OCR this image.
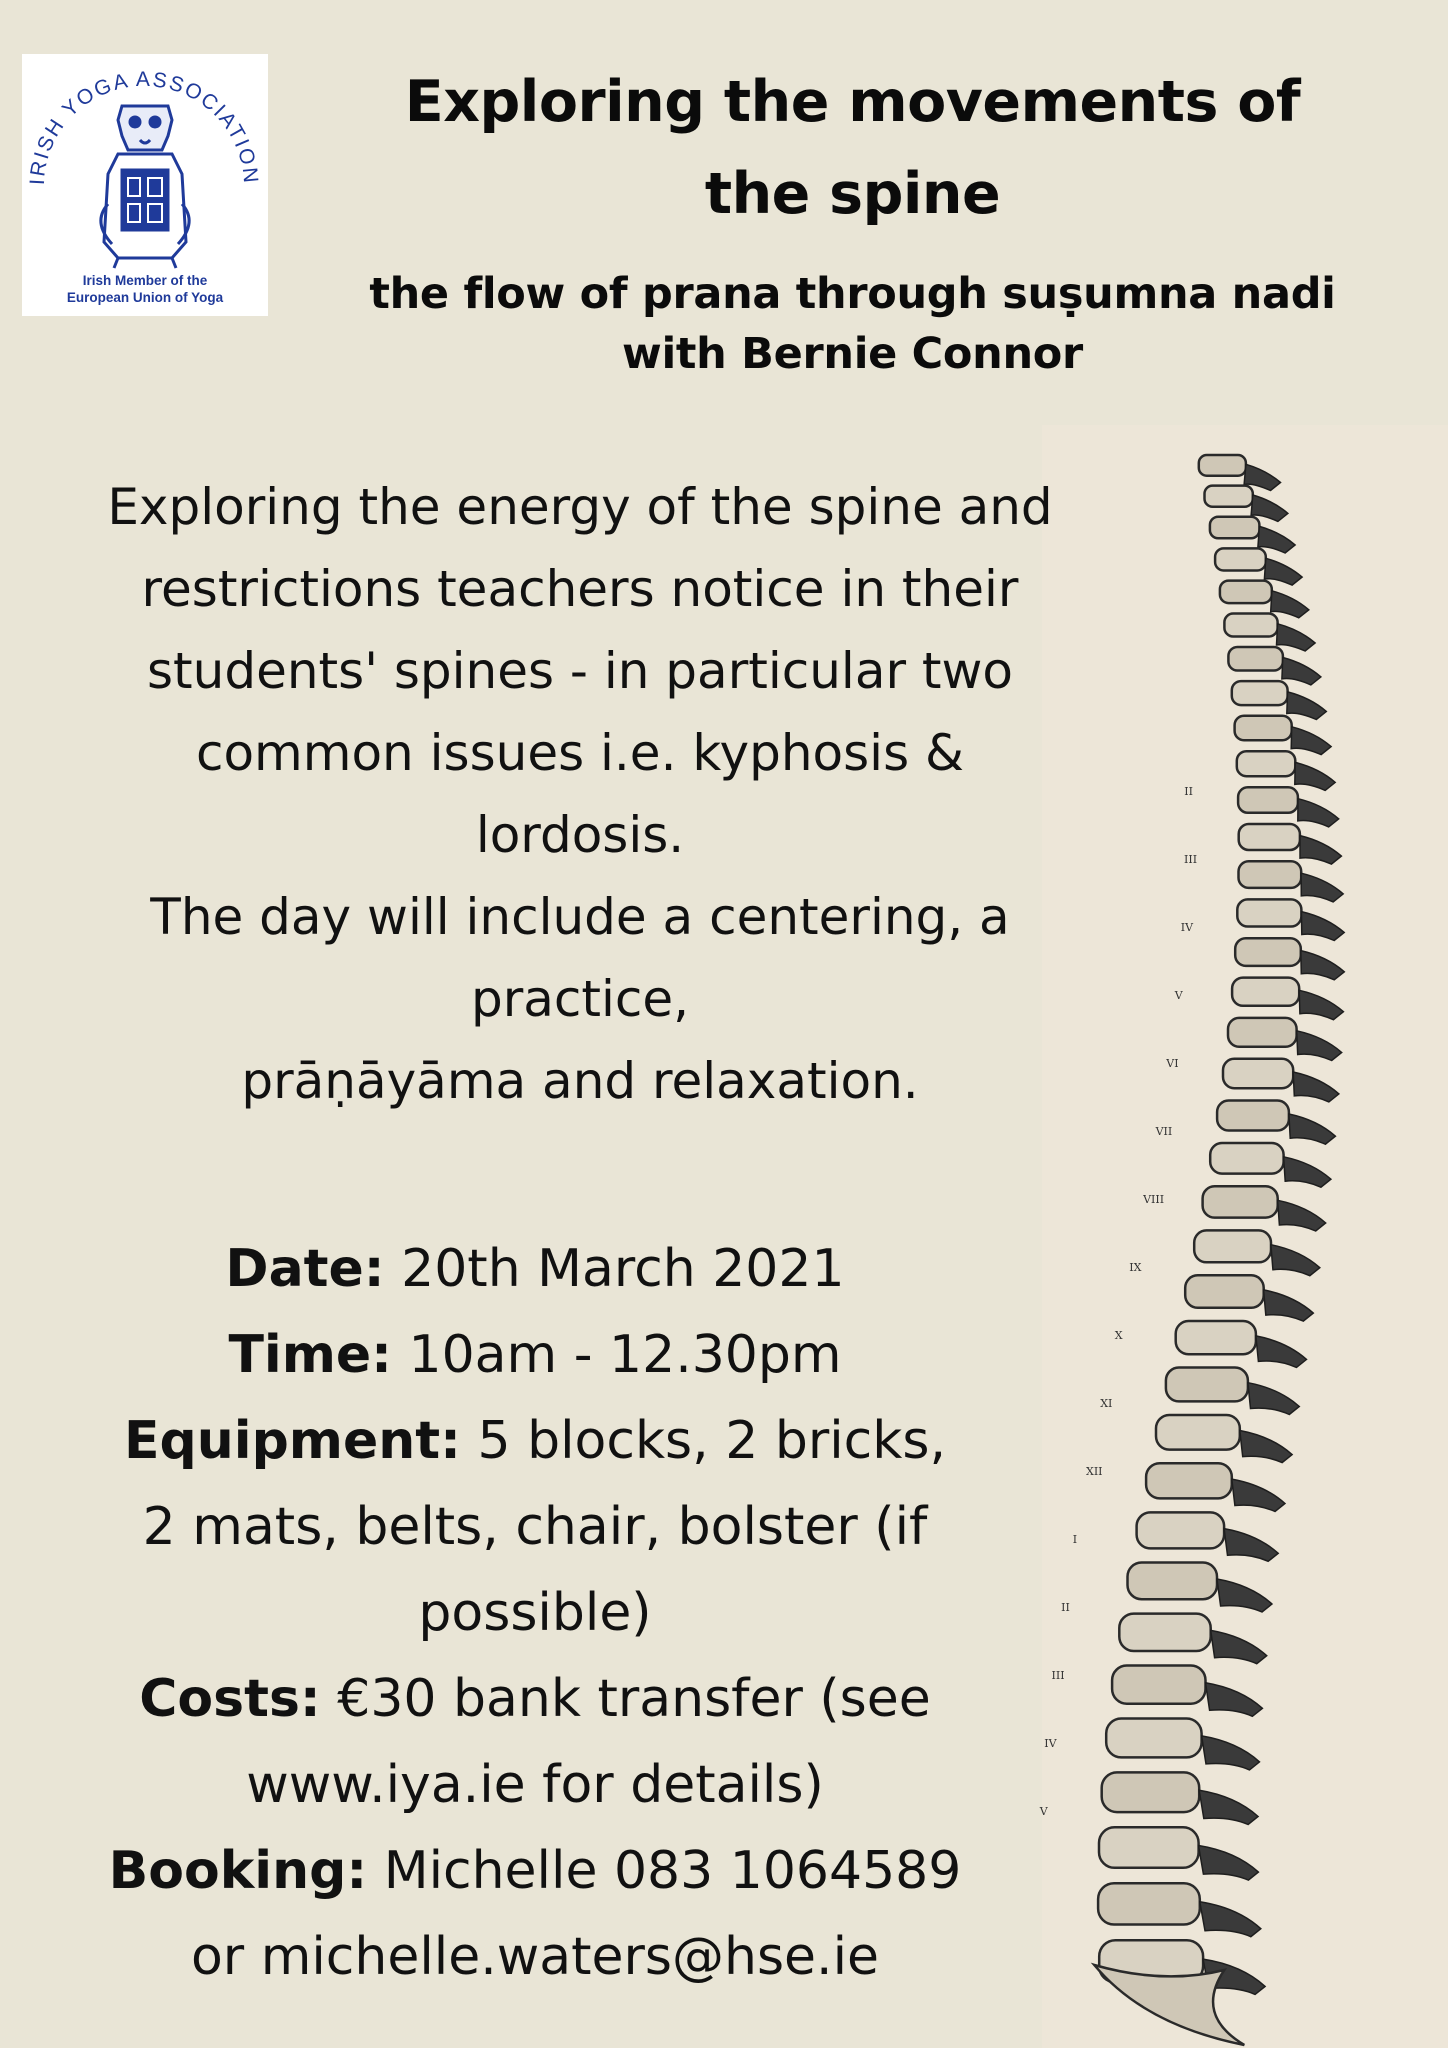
IRISH YOGA ASSOCIATION
Irish Member of the
European Union of Yoga
Exploring the movements of
the spine
the flow of prana through suṣumna nadi
with Bernie Connor
II
III
IV
V
VI
VII
VIII
IX
X
XI
XII
I
II
III
IV
V
Exploring the energy of the spine and
restrictions teachers notice in their
students' spines - in particular two
common issues i.e. kyphosis &
lordosis.
The day will include a centering, a
practice,
prāṇāyāma and relaxation.
Date: 20th March 2021
Time: 10am - 12.30pm
Equipment: 5 blocks, 2 bricks,
2 mats, belts, chair, bolster (if
possible)
Costs: €30 bank transfer (see
www.iya.ie for details)
Booking: Michelle 083 1064589
or michelle.waters@hse.ie
